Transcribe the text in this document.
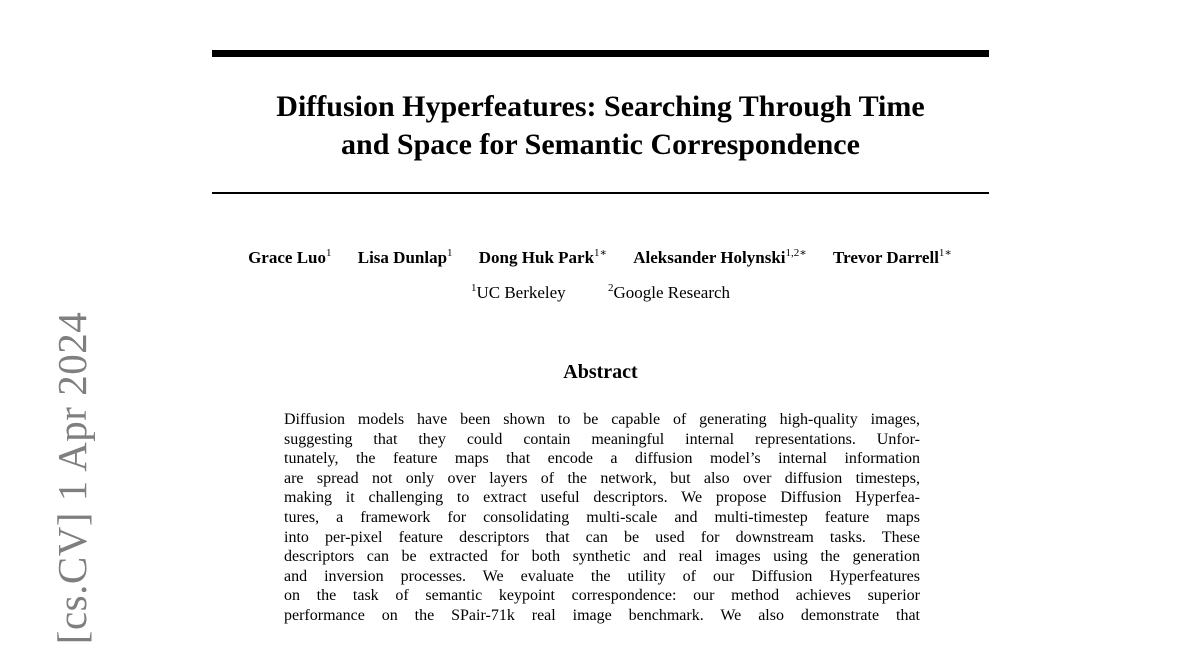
[cs.CV] 1 Apr 2024
Diffusion Hyperfeatures: Searching Through Time
and Space for Semantic Correspondence
Grace Luo$^1$ Lisa Dunlap$^1$ Dong Huk Park$^{1∗}$ Aleksander Holynski$^{1,2∗}$ Trevor Darrell$^{1∗}$
$^1$UC Berkeley	$^2$Google Research
Abstract
Diffusion models have been shown to be capable of generating high-quality images,
suggesting that they could contain meaningful internal representations. Unfor-
tunately, the feature maps that encode a diffusion model’s internal information
are spread not only over layers of the network, but also over diffusion timesteps,
making it challenging to extract useful descriptors. We propose Diffusion Hyperfea-
tures, a framework for consolidating multi-scale and multi-timestep feature maps
into per-pixel feature descriptors that can be used for downstream tasks. These
descriptors can be extracted for both synthetic and real images using the generation
and inversion processes. We evaluate the utility of our Diffusion Hyperfeatures
on the task of semantic keypoint correspondence: our method achieves superior
performance on the SPair-71k real image benchmark. We also demonstrate that
